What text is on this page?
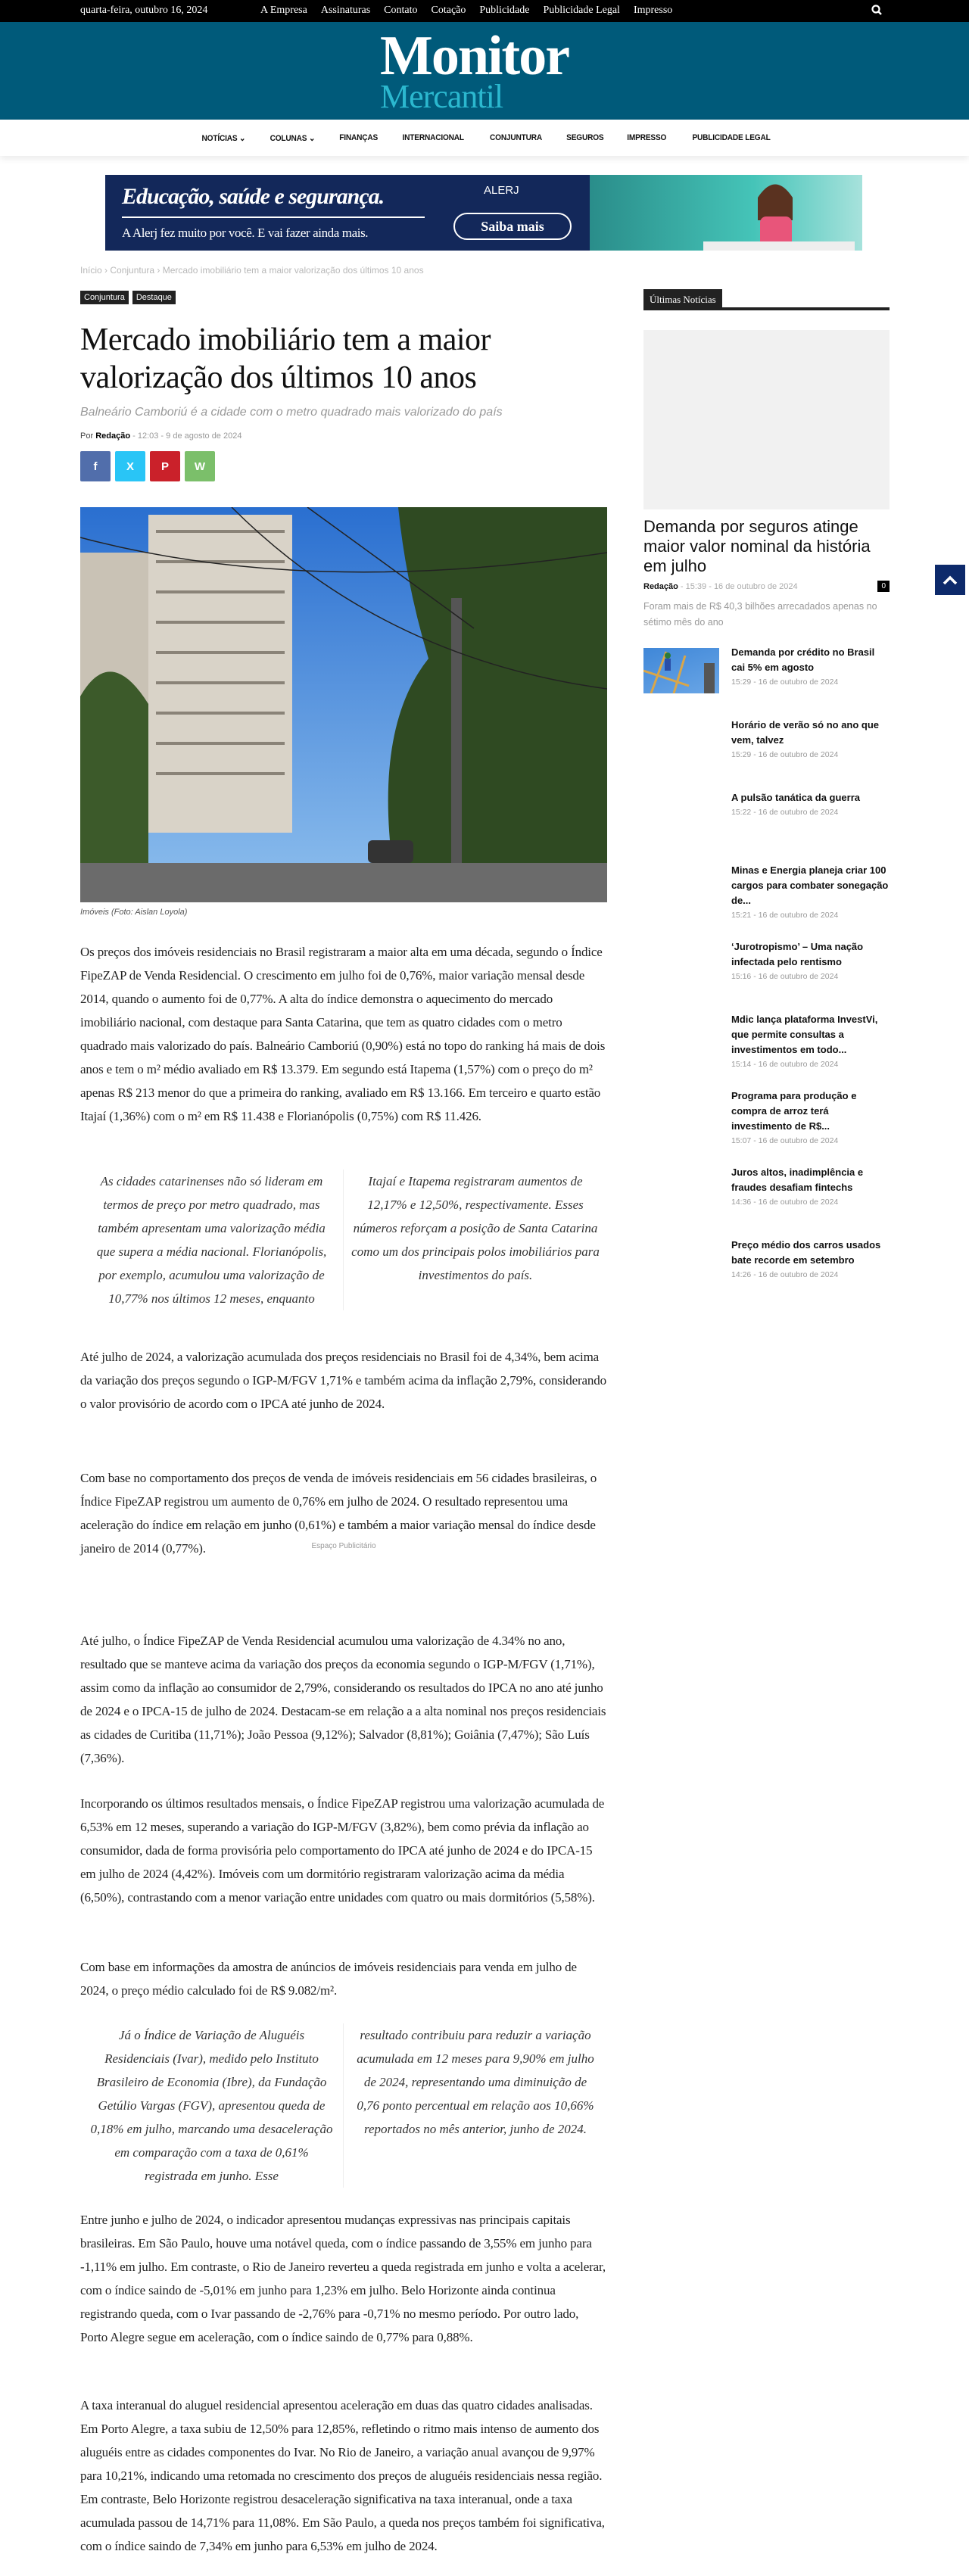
quarta-feira, outubro 16, 2024	A Empresa Assinaturas Contato Cotação Publicidade Publicidade Legal Impresso
Monitor
Mercantil
NOTÍCIAS ⌄	COLUNAS ⌄	FINANÇAS	INTERNACIONAL	CONJUNTURA	SEGUROS	IMPRESSO	PUBLICIDADE LEGAL
Educação, saúde e segurança.
A Alerj fez muito por você. E vai fazer ainda mais.
ALERJ
Saiba mais
Início › Conjuntura › Mercado imobiliário tem a maior valorização dos últimos 10 anos
Conjuntura	Destaque
Mercado imobiliário tem a maior valorização dos últimos 10 anos
Balneário Camboriú é a cidade com o metro quadrado mais valorizado do país
Por Redação - 12:03 - 9 de agosto de 2024
f	X P W
Imóveis (Foto: Aislan Loyola)

Os preços dos imóveis residenciais no Brasil registraram a maior alta em uma década, segundo o Índice FipeZAP de Venda Residencial. O crescimento em julho foi de 0,76%, maior variação mensal desde 2014, quando o aumento foi de 0,77%. A alta do índice demonstra o aquecimento do mercado imobiliário nacional, com destaque para Santa Catarina, que tem as quatro cidades com o metro quadrado mais valorizado do país. Balneário Camboriú (0,90%) está no topo do ranking há mais de dois anos e tem o m² médio avaliado em R$ 13.379. Em segundo está Itapema (1,57%) com o preço do m² apenas R$ 213 menor do que a primeira do ranking, avaliado em R$ 13.166. Em terceiro e quarto estão Itajaí (1,36%) com o m² em R$ 11.438 e Florianópolis (0,75%) com R$ 11.426.

As cidades catarinenses não só lideram em termos de preço por metro quadrado, mas também apresentam uma valorização média que supera a média nacional. Florianópolis, por exemplo, acumulou uma valorização de 10,77% nos últimos 12 meses, enquanto
Itajaí e Itapema registraram aumentos de 12,17% e 12,50%, respectivamente. Esses números reforçam a posição de Santa Catarina como um dos principais polos imobiliários para investimentos do país.

Até julho de 2024, a valorização acumulada dos preços residenciais no Brasil foi de 4,34%, bem acima da variação dos preços segundo o IGP-M/FGV 1,71% e também acima da inflação 2,79%, considerando o valor provisório de acordo com o IPCA até junho de 2024.

Com base no comportamento dos preços de venda de imóveis residenciais em 56 cidades brasileiras, o Índice FipeZAP registrou um aumento de 0,76% em julho de 2024. O resultado representou uma aceleração do índice em relação em junho (0,61%) e também a maior variação mensal do índice desde janeiro de 2014 (0,77%).	Espaço Publicitário

Até julho, o Índice FipeZAP de Venda Residencial acumulou uma valorização de 4.34% no ano, resultado que se manteve acima da variação dos preços da economia segundo o IGP-M/FGV (1,71%), assim como da inflação ao consumidor de 2,79%, considerando os resultados do IPCA no ano até junho de 2024 e o IPCA-15 de julho de 2024. Destacam-se em relação a a alta nominal nos preços residenciais as cidades de Curitiba (11,71%); João Pessoa (9,12%); Salvador (8,81%); Goiânia (7,47%); São Luís (7,36%).

Incorporando os últimos resultados mensais, o Índice FipeZAP registrou uma valorização acumulada de 6,53% em 12 meses, superando a variação do IGP-M/FGV (3,82%), bem como prévia da inflação ao consumidor, dada de forma provisória pelo comportamento do IPCA até junho de 2024 e do IPCA-15 em julho de 2024 (4,42%). Imóveis com um dormitório registraram valorização acima da média (6,50%), contrastando com a menor variação entre unidades com quatro ou mais dormitórios (5,58%).

Com base em informações da amostra de anúncios de imóveis residenciais para venda em julho de 2024, o preço médio calculado foi de R$ 9.082/m².

Já o Índice de Variação de Aluguéis Residenciais (Ivar), medido pelo Instituto Brasileiro de Economia (Ibre), da Fundação Getúlio Vargas (FGV), apresentou queda de 0,18% em julho, marcando uma desaceleração em comparação com a taxa de 0,61% registrada em junho. Esse
resultado contribuiu para reduzir a variação acumulada em 12 meses para 9,90% em julho de 2024, representando uma diminuição de 0,76 ponto percentual em relação aos 10,66% reportados no mês anterior, junho de 2024.

Entre junho e julho de 2024, o indicador apresentou mudanças expressivas nas principais capitais brasileiras. Em São Paulo, houve uma notável queda, com o índice passando de 3,55% em junho para -1,11% em julho. Em contraste, o Rio de Janeiro reverteu a queda registrada em junho e volta a acelerar, com o índice saindo de -5,01% em junho para 1,23% em julho. Belo Horizonte ainda continua registrando queda, com o Ivar passando de -2,76% para -0,71% no mesmo período. Por outro lado, Porto Alegre segue em aceleração, com o índice saindo de 0,77% para 0,88%.

A taxa interanual do aluguel residencial apresentou aceleração em duas das quatro cidades analisadas. Em Porto Alegre, a taxa subiu de 12,50% para 12,85%, refletindo o ritmo mais intenso de aumento dos aluguéis entre as cidades componentes do Ivar. No Rio de Janeiro, a variação anual avançou de 9,97% para 10,21%, indicando uma retomada no crescimento dos preços de aluguéis residenciais nessa região. Em contraste, Belo Horizonte registrou desaceleração significativa na taxa interanual, onde a taxa acumulada passou de 14,71% para 11,08%. Em São Paulo, a queda nos preços também foi significativa, com o índice saindo de 7,34% em junho para 6,53% em julho de 2024.

Últimas Notícias
Demanda por seguros atinge maior valor nominal da história em julho
Redação - 15:39 - 16 de outubro de 2024	0
Foram mais de R$ 40,3 bilhões arrecadados apenas no sétimo mês do ano
Demanda por crédito no Brasil cai 5% em agosto
15:29 - 16 de outubro de 2024
Horário de verão só no ano que vem, talvez
15:29 - 16 de outubro de 2024
A pulsão tanática da guerra
15:22 - 16 de outubro de 2024
Minas e Energia planeja criar 100 cargos para combater sonegação de...
15:21 - 16 de outubro de 2024
‘Jurotropismo’ – Uma nação infectada pelo rentismo
15:16 - 16 de outubro de 2024
Mdic lança plataforma InvestVi, que permite consultas a investimentos em todo...
15:14 - 16 de outubro de 2024
Programa para produção e compra de arroz terá investimento de R$...
15:07 - 16 de outubro de 2024
Juros altos, inadimplência e fraudes desafiam fintechs
14:36 - 16 de outubro de 2024
Preço médio dos carros usados bate recorde em setembro
14:26 - 16 de outubro de 2024
